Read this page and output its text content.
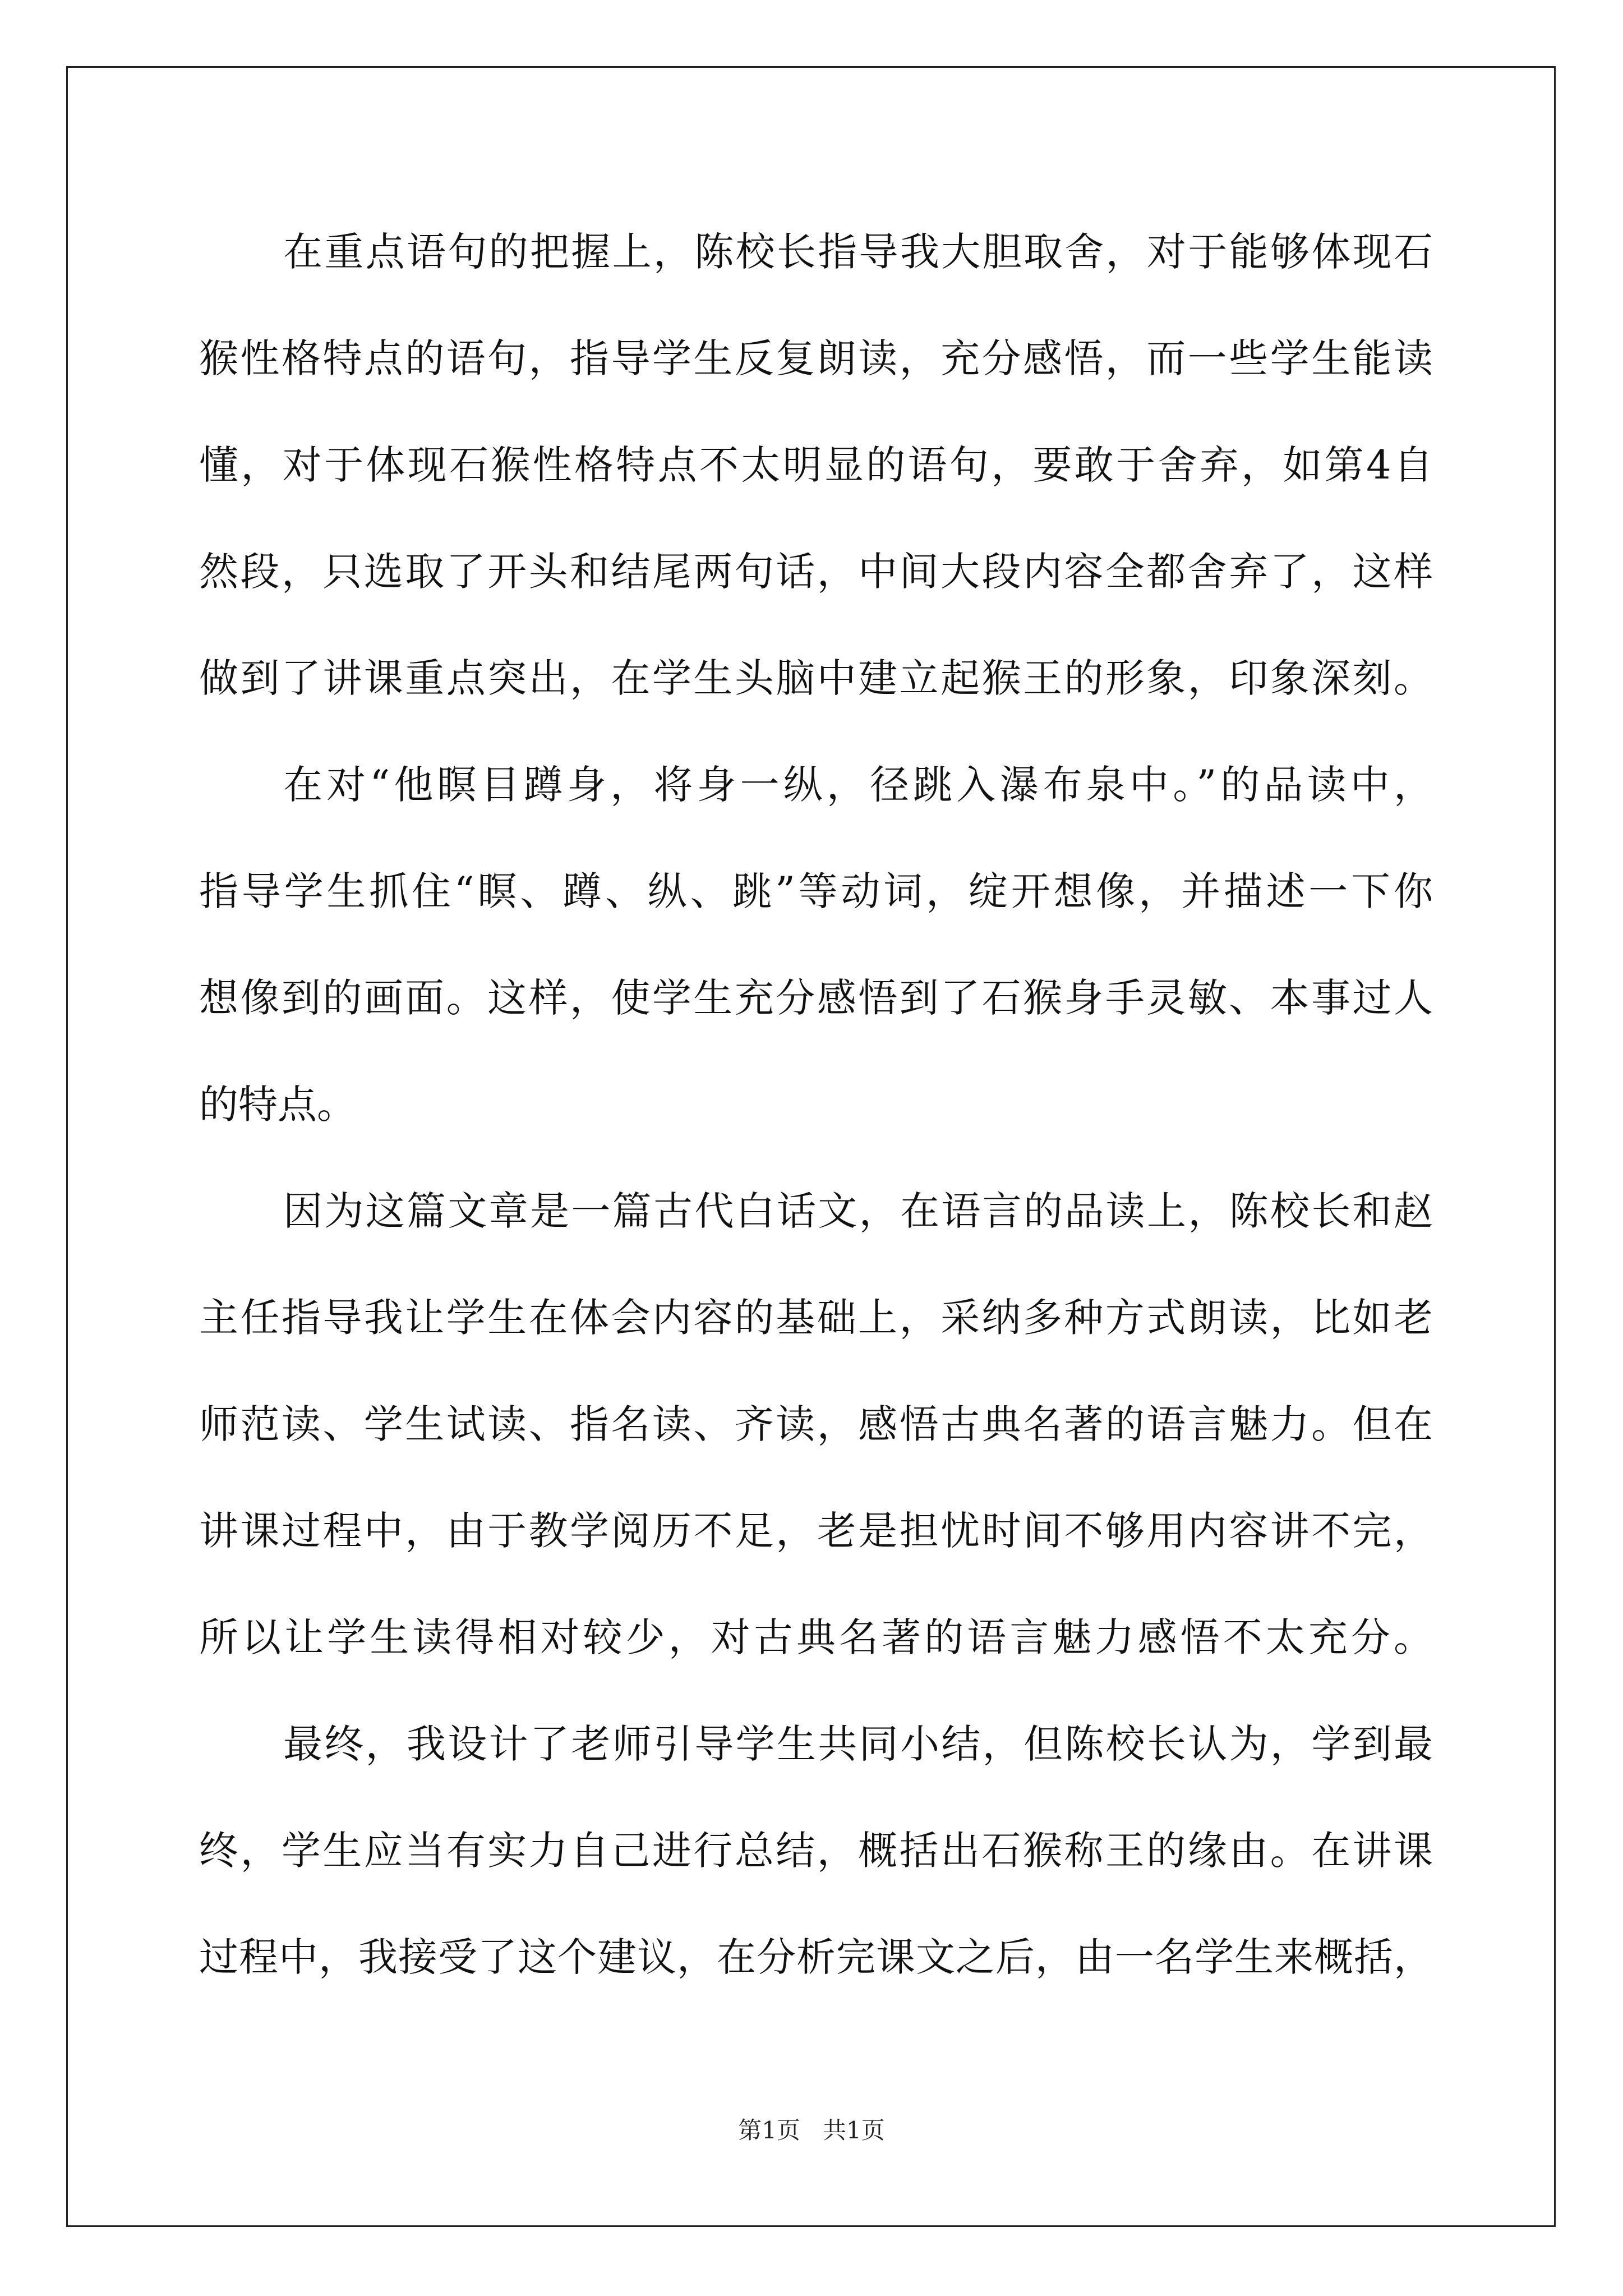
在重点语句的把握上，陈校长指导我大胆取舍，对于能够体现石
猴性格特点的语句，指导学生反复朗读，充分感悟，而一些学生能读
懂，对于体现石猴性格特点不太明显的语句，要敢于舍弃，如第4自
然段，只选取了开头和结尾两句话，中间大段内容全都舍弃了，这样
做到了讲课重点突出，在学生头脑中建立起猴王的形象，印象深刻。
在对“他瞑目蹲身，将身一纵，径跳入瀑布泉中。”的品读中，
指导学生抓住“瞑、蹲、纵、跳”等动词，绽开想像，并描述一下你
想像到的画面。这样，使学生充分感悟到了石猴身手灵敏、本事过人
的特点。
因为这篇文章是一篇古代白话文，在语言的品读上，陈校长和赵
主任指导我让学生在体会内容的基础上，采纳多种方式朗读，比如老
师范读、学生试读、指名读、齐读，感悟古典名著的语言魅力。但在
讲课过程中，由于教学阅历不足，老是担忧时间不够用内容讲不完，
所以让学生读得相对较少，对古典名著的语言魅力感悟不太充分。
最终，我设计了老师引导学生共同小结，但陈校长认为，学到最
终，学生应当有实力自己进行总结，概括出石猴称王的缘由。在讲课
过程中，我接受了这个建议，在分析完课文之后，由一名学生来概括，
第1页   共1页
